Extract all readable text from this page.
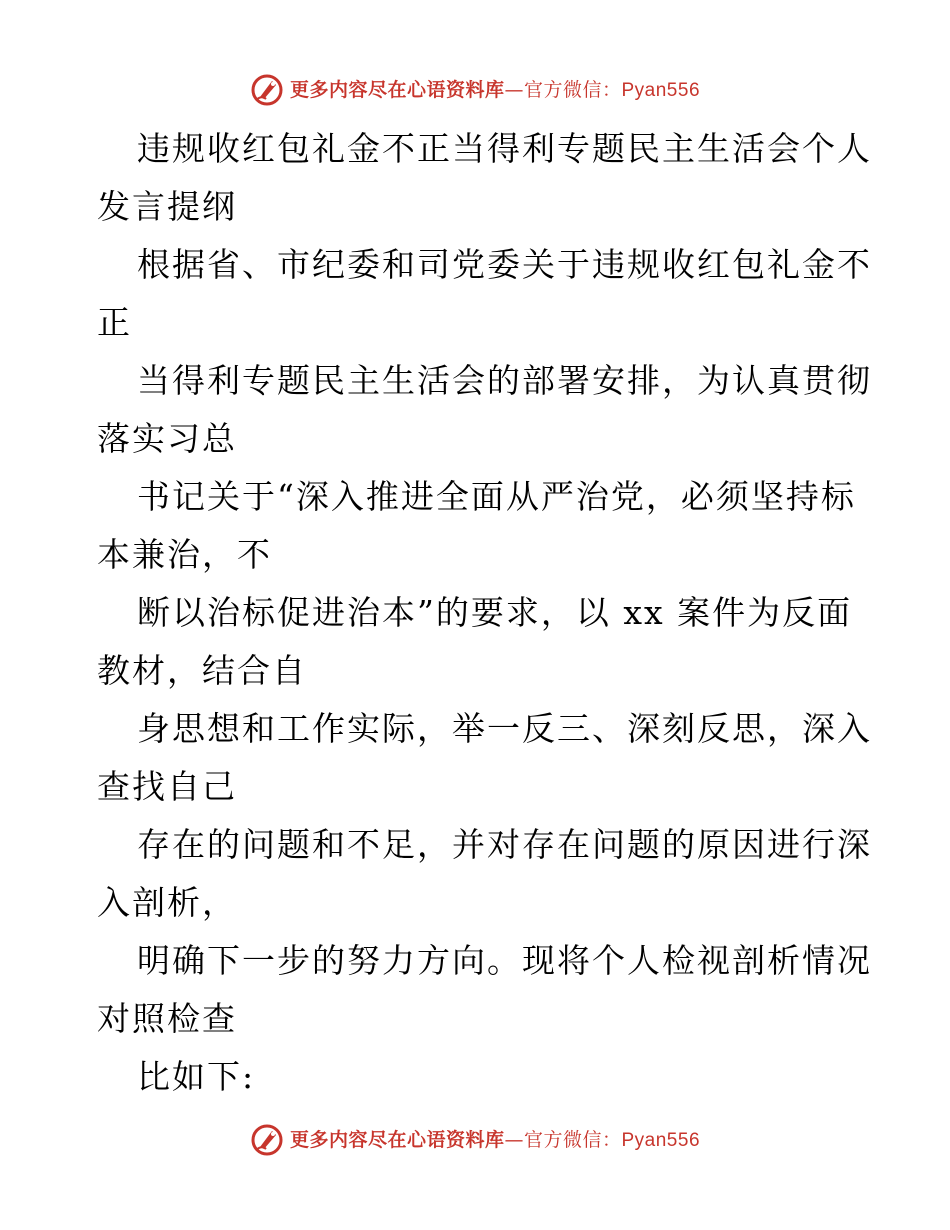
更多内容尽在心语资料库—官方微信：Pyan556

违规收红包礼金不正当得利专题民主生活会个人

发言提纲

根据省、市纪委和司党委关于违规收红包礼金不

正

当得利专题民主生活会的部署安排，为认真贯彻

落实习总

书记关于“深入推进全面从严治党，必须坚持标

本兼治，不

断以治标促进治本”的要求，以 xx 案件为反面

教材，结合自

身思想和工作实际，举一反三、深刻反思，深入

查找自己

存在的问题和不足，并对存在问题的原因进行深

入剖析，

明确下一步的努力方向。现将个人检视剖析情况

对照检查

比如下:

更多内容尽在心语资料库—官方微信：Pyan556
